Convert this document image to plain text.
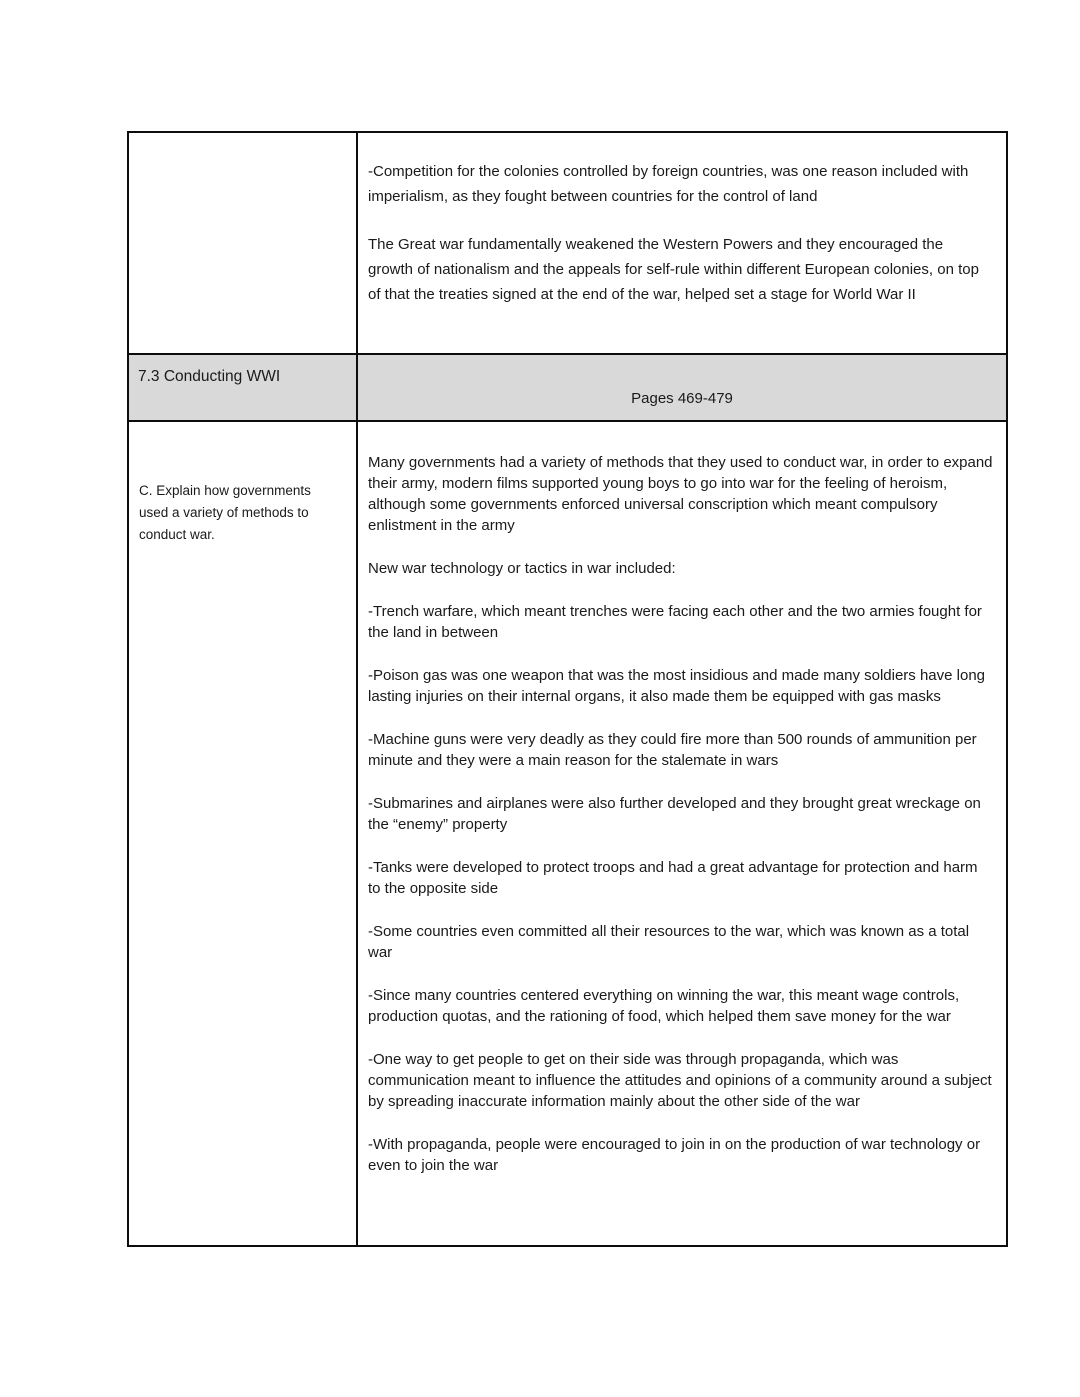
-Competition for the colonies controlled by foreign countries, was one reason included with imperialism, as they fought between countries for the control of land

The Great war fundamentally weakened the Western Powers and they encouraged the growth of nationalism and the appeals for self-rule within different European colonies, on top of that the treaties signed at the end of the war, helped set a stage for World War II

7.3 Conducting WWI
Pages 469-479
C. Explain how governments used a variety of methods to conduct war.

Many governments had a variety of methods that they used to conduct war, in order to expand their army, modern films supported young boys to go into war for the feeling of heroism, although some governments enforced universal conscription which meant compulsory enlistment in the army

New war technology or tactics in war included:

-Trench warfare, which meant trenches were facing each other and the two armies fought for the land in between

-Poison gas was one weapon that was the most insidious and made many soldiers have long lasting injuries on their internal organs, it also made them be equipped with gas masks

-Machine guns were very deadly as they could fire more than 500 rounds of ammunition per minute and they were a main reason for the stalemate in wars

-Submarines and airplanes were also further developed and they brought great wreckage on the “enemy” property

-Tanks were developed to protect troops and had a great advantage for protection and harm to the opposite side

-Some countries even committed all their resources to the war, which was known as a total war

-Since many countries centered everything on winning the war, this meant wage controls, production quotas, and the rationing of food, which helped them save money for the war

-One way to get people to get on their side was through propaganda, which was communication meant to influence the attitudes and opinions of a community around a subject by spreading inaccurate information mainly about the other side of the war

-With propaganda, people were encouraged to join in on the production of war technology or even to join the war
